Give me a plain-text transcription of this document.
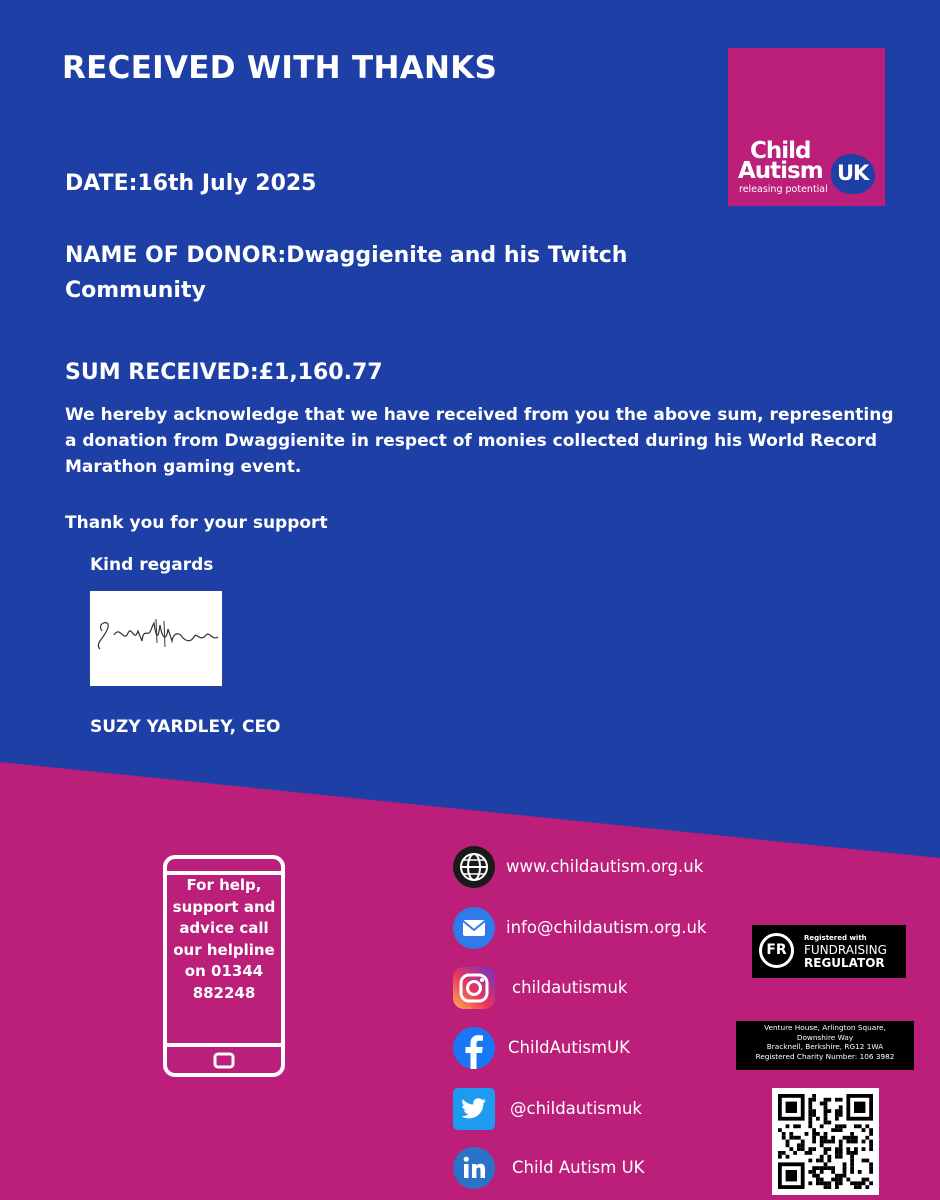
RECEIVED WITH THANKS
Child
Autism UK
releasing potential
DATE:16th July 2025
NAME OF DONOR:Dwaggienite and his Twitch Community
SUM RECEIVED:£1,160.77
We hereby acknowledge that we have received from you the above sum, representing a donation from Dwaggienite in respect of monies collected during his World Record Marathon gaming event.
Thank you for your support
Kind regards
SUZY YARDLEY, CEO
For help, support and advice call our helpline on 01344 882248
www.childautism.org.uk
info@childautism.org.uk
childautismuk
ChildAutismUK
@childautismuk
Child Autism UK
FR
Registered with
FUNDRAISING
REGULATOR
Venture House, Arlington Square,
Downshire Way
Bracknell, Berkshire, RG12 1WA
Registered Charity Number: 106 3982
